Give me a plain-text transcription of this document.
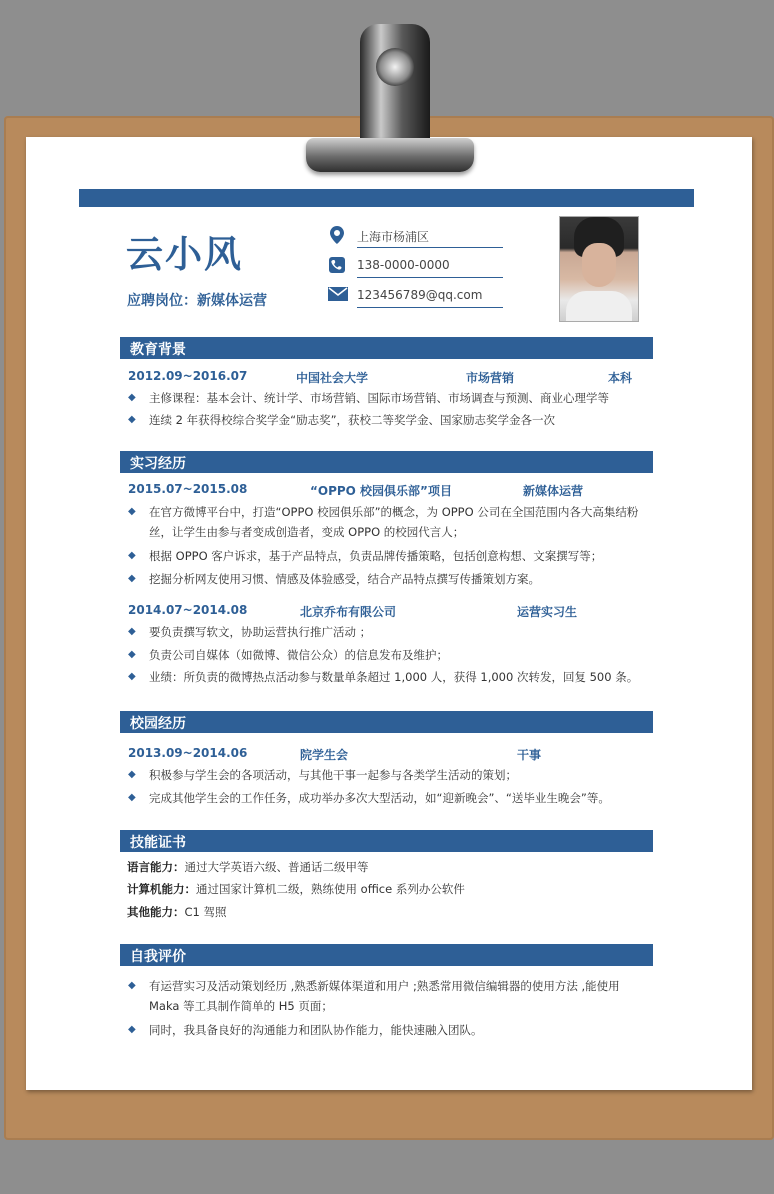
云小风
应聘岗位：新媒体运营
上海市杨浦区
138-0000-0000
123456789@qq.com
教育背景
2012.09~2016.07	中国社会大学	市场营销	本科
◆	主修课程：基本会计、统计学、市场营销、国际市场营销、市场调查与预测、商业心理学等
◆	连续 2 年获得校综合奖学金“励志奖”，获校二等奖学金、国家励志奖学金各一次
实习经历
2015.07~2015.08	“OPPO 校园俱乐部”项目	新媒体运营
◆	在官方微博平台中，打造“OPPO 校园俱乐部”的概念，为 OPPO 公司在全国范围内各大高集结粉丝，让学生由参与者变成创造者，变成 OPPO 的校园代言人；
◆	根据 OPPO 客户诉求，基于产品特点，负责品牌传播策略，包括创意构想、文案撰写等；
◆	挖掘分析网友使用习惯、情感及体验感受，结合产品特点撰写传播策划方案。
2014.07~2014.08	北京乔布有限公司	运营实习生
◆	要负责撰写软文，协助运营执行推广活动 ；
◆	负责公司自媒体（如微博、微信公众）的信息发布及维护；
◆	业绩：所负责的微博热点活动参与数量单条超过 1,000 人，获得 1,000 次转发，回复 500 条。
校园经历
2013.09~2014.06	院学生会	干事
◆	积极参与学生会的各项活动，与其他干事一起参与各类学生活动的策划；
◆	完成其他学生会的工作任务，成功举办多次大型活动，如“迎新晚会”、“送毕业生晚会”等。
技能证书
语言能力：通过大学英语六级、普通话二级甲等
计算机能力：通过国家计算机二级，熟练使用 office 系列办公软件
其他能力：C1 驾照
自我评价
◆	有运营实习及活动策划经历 ,熟悉新媒体渠道和用户 ;熟悉常用微信编辑器的使用方法 ,能使用 Maka 等工具制作简单的 H5 页面；
◆	同时，我具备良好的沟通能力和团队协作能力，能快速融入团队。
